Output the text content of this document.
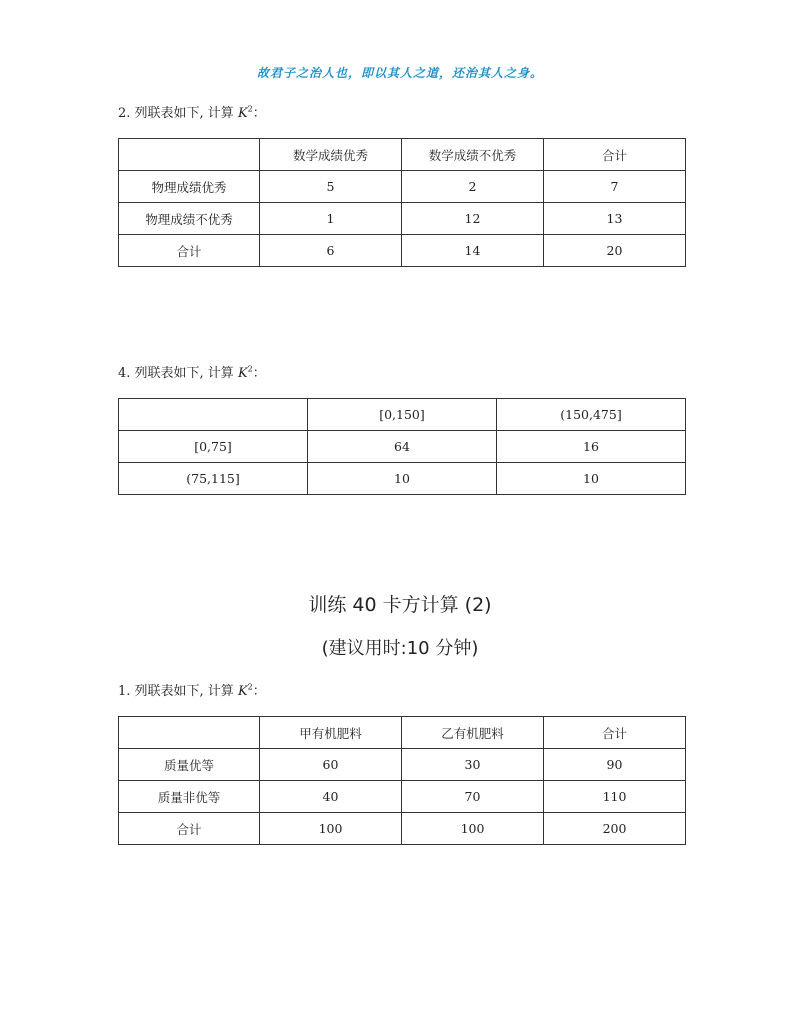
故君子之治人也，即以其人之道，还治其人之身。
2. 列联表如下, 计算 $K^2$：
	数学成绩优秀	数学成绩不优秀	合计
物理成绩优秀	5	2	7
物理成绩不优秀	1	12	13
合计	6	14	20
4. 列联表如下, 计算 $K^2$：
	[0,150]	(150,475]
[0,75]	64	16
(75,115]	10	10
训练 40 卡方计算 (2)
(建议用时:10 分钟)
1. 列联表如下, 计算 $K^2$：
	甲有机肥料	乙有机肥料	合计
质量优等	60	30	90
质量非优等	40	70	110
合计	100	100	200
